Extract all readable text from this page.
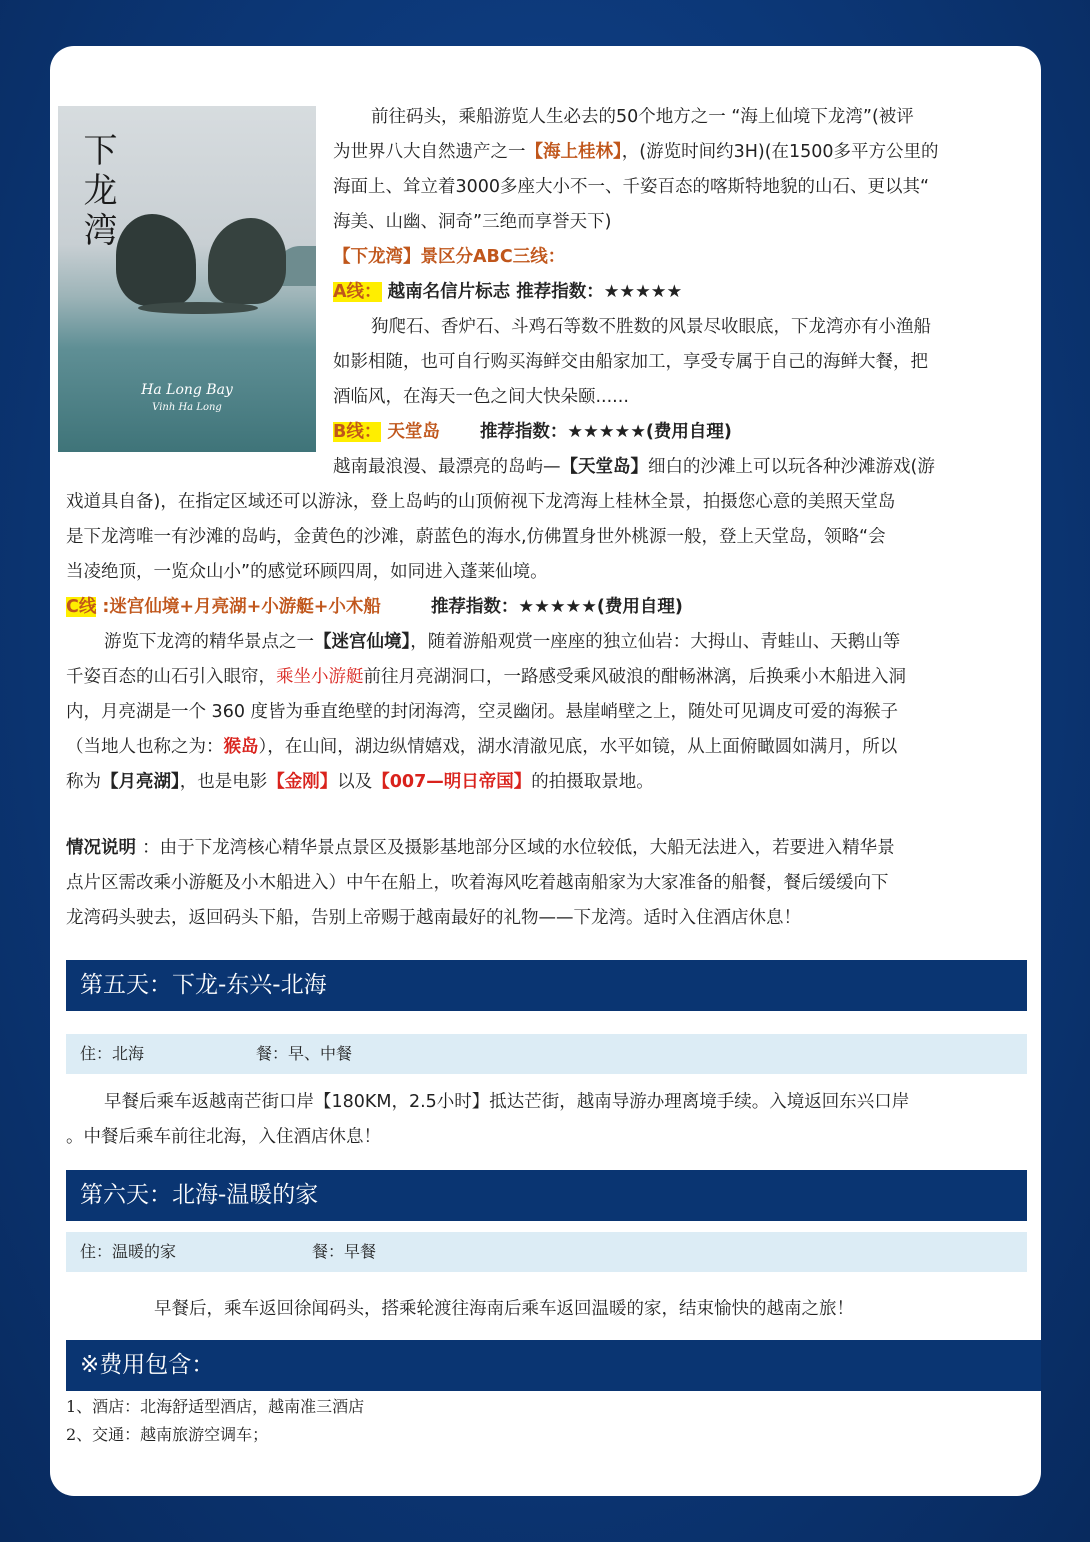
下龙湾
Ha Long Bay
Vinh Ha Long
前往码头，乘船游览人生必去的50个地方之一 “海上仙境下龙湾”(被评
为世界八大自然遗产之一【海上桂林】，(游览时间约3H)(在1500多平方公里的
海面上、耸立着3000多座大小不一、千姿百态的喀斯特地貌的山石、更以其“
海美、山幽、洞奇”三绝而享誉天下)
【下龙湾】景区分ABC三线：
A线： 越南名信片标志 推荐指数：★★★★★
狗爬石、香炉石、斗鸡石等数不胜数的风景尽收眼底，下龙湾亦有小渔船
如影相随，也可自行购买海鲜交由船家加工，享受专属于自己的海鲜大餐，把
酒临风，在海天一色之间大快朵颐......
B线： 天堂岛 推荐指数：★★★★★(费用自理)
越南最浪漫、最漂亮的岛屿—【天堂岛】细白的沙滩上可以玩各种沙滩游戏(游
戏道具自备)，在指定区域还可以游泳，登上岛屿的山顶俯视下龙湾海上桂林全景，拍摄您心意的美照天堂岛
是下龙湾唯一有沙滩的岛屿，金黄色的沙滩，蔚蓝色的海水,仿佛置身世外桃源一般，登上天堂岛，领略“会
当凌绝顶，一览众山小”的感觉环顾四周，如同进入蓬莱仙境。
C线 :迷宫仙境+月亮湖+小游艇+小木船	推荐指数：★★★★★(费用自理)
游览下龙湾的精华景点之一【迷宫仙境】，随着游船观赏一座座的独立仙岩：大拇山、青蛙山、天鹅山等
千姿百态的山石引入眼帘，乘坐小游艇前往月亮湖洞口，一路感受乘风破浪的酣畅淋漓，后换乘小木船进入洞
内，月亮湖是一个 360 度皆为垂直绝壁的封闭海湾，空灵幽闭。悬崖峭壁之上，随处可见调皮可爱的海猴子
（当地人也称之为：猴岛），在山间，湖边纵情嬉戏，湖水清澈见底，水平如镜，从上面俯瞰圆如满月，所以
称为【月亮湖】，也是电影【金刚】以及【007—明日帝国】的拍摄取景地。
情况说明 ：由于下龙湾核心精华景点景区及摄影基地部分区域的水位较低，大船无法进入，若要进入精华景
点片区需改乘小游艇及小木船进入）中午在船上，吹着海风吃着越南船家为大家准备的船餐，餐后缓缓向下
龙湾码头驶去，返回码头下船，告别上帝赐于越南最好的礼物——下龙湾。适时入住酒店休息！
第五天：下龙-东兴-北海
住：北海	餐：早、中餐
早餐后乘车返越南芒街口岸【180KM，2.5小时】抵达芒街，越南导游办理离境手续。入境返回东兴口岸
。中餐后乘车前往北海，入住酒店休息！
第六天：北海-温暖的家
住：温暖的家	餐：早餐
早餐后，乘车返回徐闻码头，搭乘轮渡往海南后乘车返回温暖的家，结束愉快的越南之旅！
※费用包含：
1、酒店：北海舒适型酒店，越南准三酒店
2、交通：越南旅游空调车；
